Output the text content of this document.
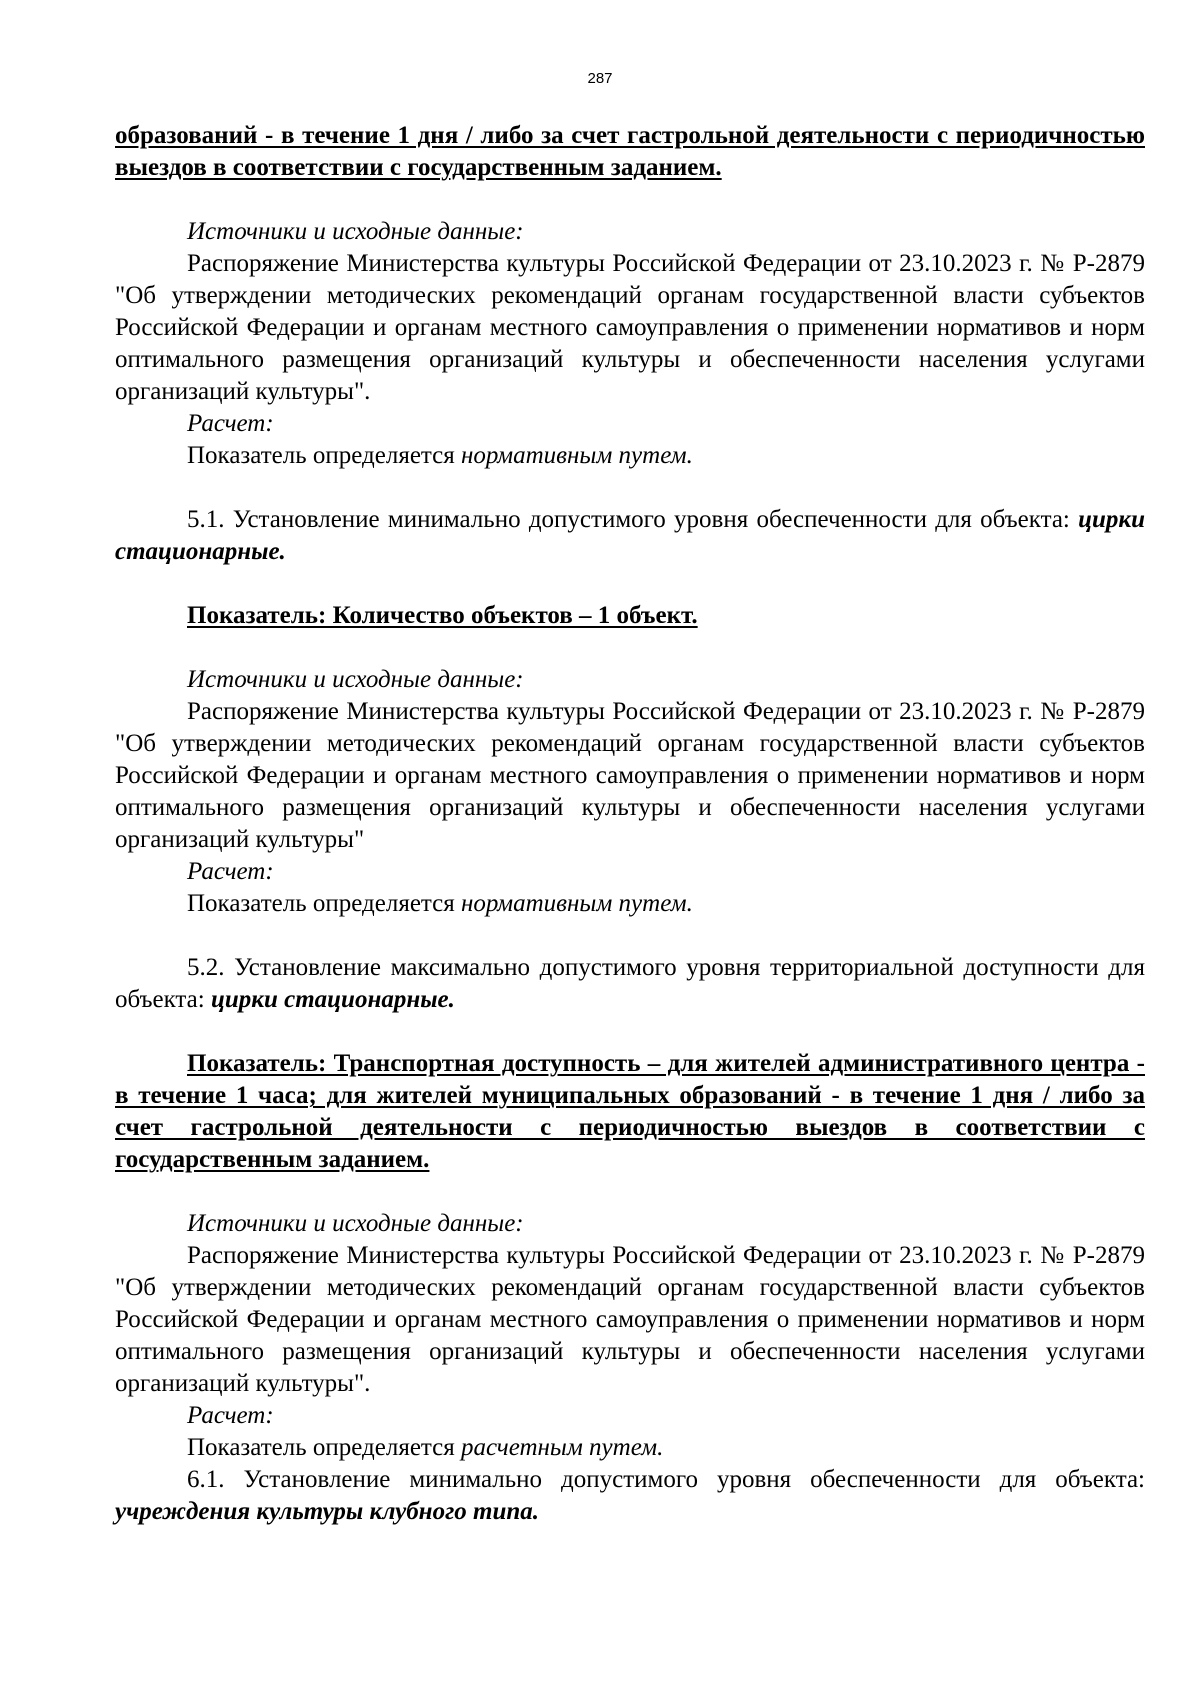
287

образований - в течение 1 дня / либо за счет гастрольной деятельности с периодичностью выездов в соответствии с государственным заданием.

Источники и исходные данные:

Распоряжение Министерства культуры Российской Федерации от 23.10.2023 г. № Р-2879 "Об утверждении методических рекомендаций органам государственной власти субъектов Российской Федерации и органам местного самоуправления о применении нормативов и норм оптимального размещения организаций культуры и обеспеченности населения услугами организаций культуры".

Расчет:

Показатель определяется нормативным путем.

5.1. Установление минимально допустимого уровня обеспеченности для объекта: цирки стационарные.

Показатель: Количество объектов – 1 объект.

Источники и исходные данные:

Распоряжение Министерства культуры Российской Федерации от 23.10.2023 г. № Р-2879 "Об утверждении методических рекомендаций органам государственной власти субъектов Российской Федерации и органам местного самоуправления о применении нормативов и норм оптимального размещения организаций культуры и обеспеченности населения услугами организаций культуры"

Расчет:

Показатель определяется нормативным путем.

5.2. Установление максимально допустимого уровня территориальной доступности для объекта: цирки стационарные.

Показатель: Транспортная доступность – для жителей административного центра - в течение 1 часа; для жителей муниципальных образований - в течение 1 дня / либо за счет гастрольной деятельности с периодичностью выездов в соответствии с государственным заданием.

Источники и исходные данные:

Распоряжение Министерства культуры Российской Федерации от 23.10.2023 г. № Р-2879 "Об утверждении методических рекомендаций органам государственной власти субъектов Российской Федерации и органам местного самоуправления о применении нормативов и норм оптимального размещения организаций культуры и обеспеченности населения услугами организаций культуры".

Расчет:

Показатель определяется расчетным путем.

6.1. Установление минимально допустимого уровня обеспеченности для объекта: учреждения культуры клубного типа.
